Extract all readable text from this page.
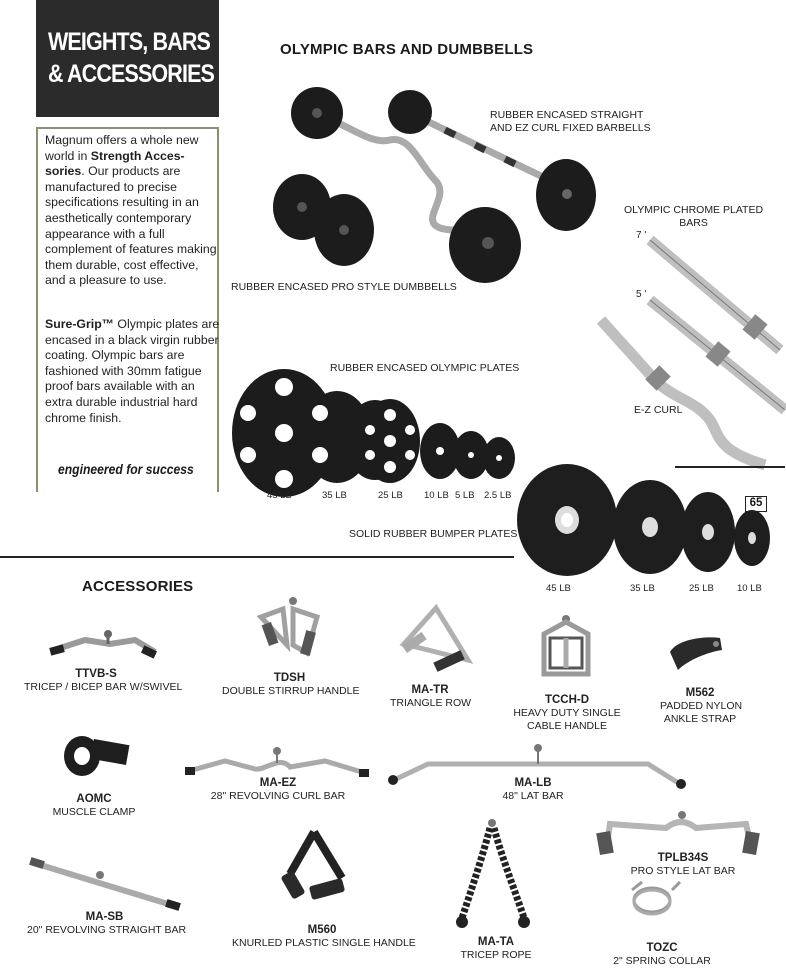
WEIGHTS, BARS
& ACCESSORIES

Magnum offers a whole new world in Strength Acces-sories. Our products are manufactured to precise specifications resulting in an aesthetically contemporary appearance with a full complement of features making them durable, cost effective, and a pleasure to use.

Sure-Grip™ Olympic plates are encased in a black virgin rubber coating. Olympic bars are fashioned with 30mm fatigue proof bars available with an extra durable industrial hard chrome finish.

engineered for success
OLYMPIC BARS AND DUMBBELLS
RUBBER ENCASED STRAIGHT
AND EZ CURL FIXED BARBELLS
RUBBER ENCASED PRO STYLE DUMBBELLS
OLYMPIC CHROME PLATED
BARS
7 '
5 '
E-Z CURL
RUBBER ENCASED OLYMPIC PLATES
45 LB	35 LB	25 LB 10 LB 5 LB 2.5 LB
65
SOLID RUBBER BUMPER PLATES
45 LB	35 LB	25 LB 10 LB
ACCESSORIES
TTVB-S
TRICEP / BICEP BAR W/SWIVEL
TDSH
DOUBLE STIRRUP HANDLE	MA-TR
TRIANGLE ROW	TCCH-D
HEAVY DUTY SINGLE
CABLE HANDLE
M562
PADDED NYLON
ANKLE STRAP
AOMC
MUSCLE CLAMP
MA-EZ
28" REVOLVING CURL BAR
MA-LB
48" LAT BAR
TPLB34S
PRO STYLE LAT BAR
TOZC
2" SPRING COLLAR
MA-SB
20" REVOLVING STRAIGHT BAR	M560
KNURLED PLASTIC SINGLE HANDLE	MA-TA
TRICEP ROPE
